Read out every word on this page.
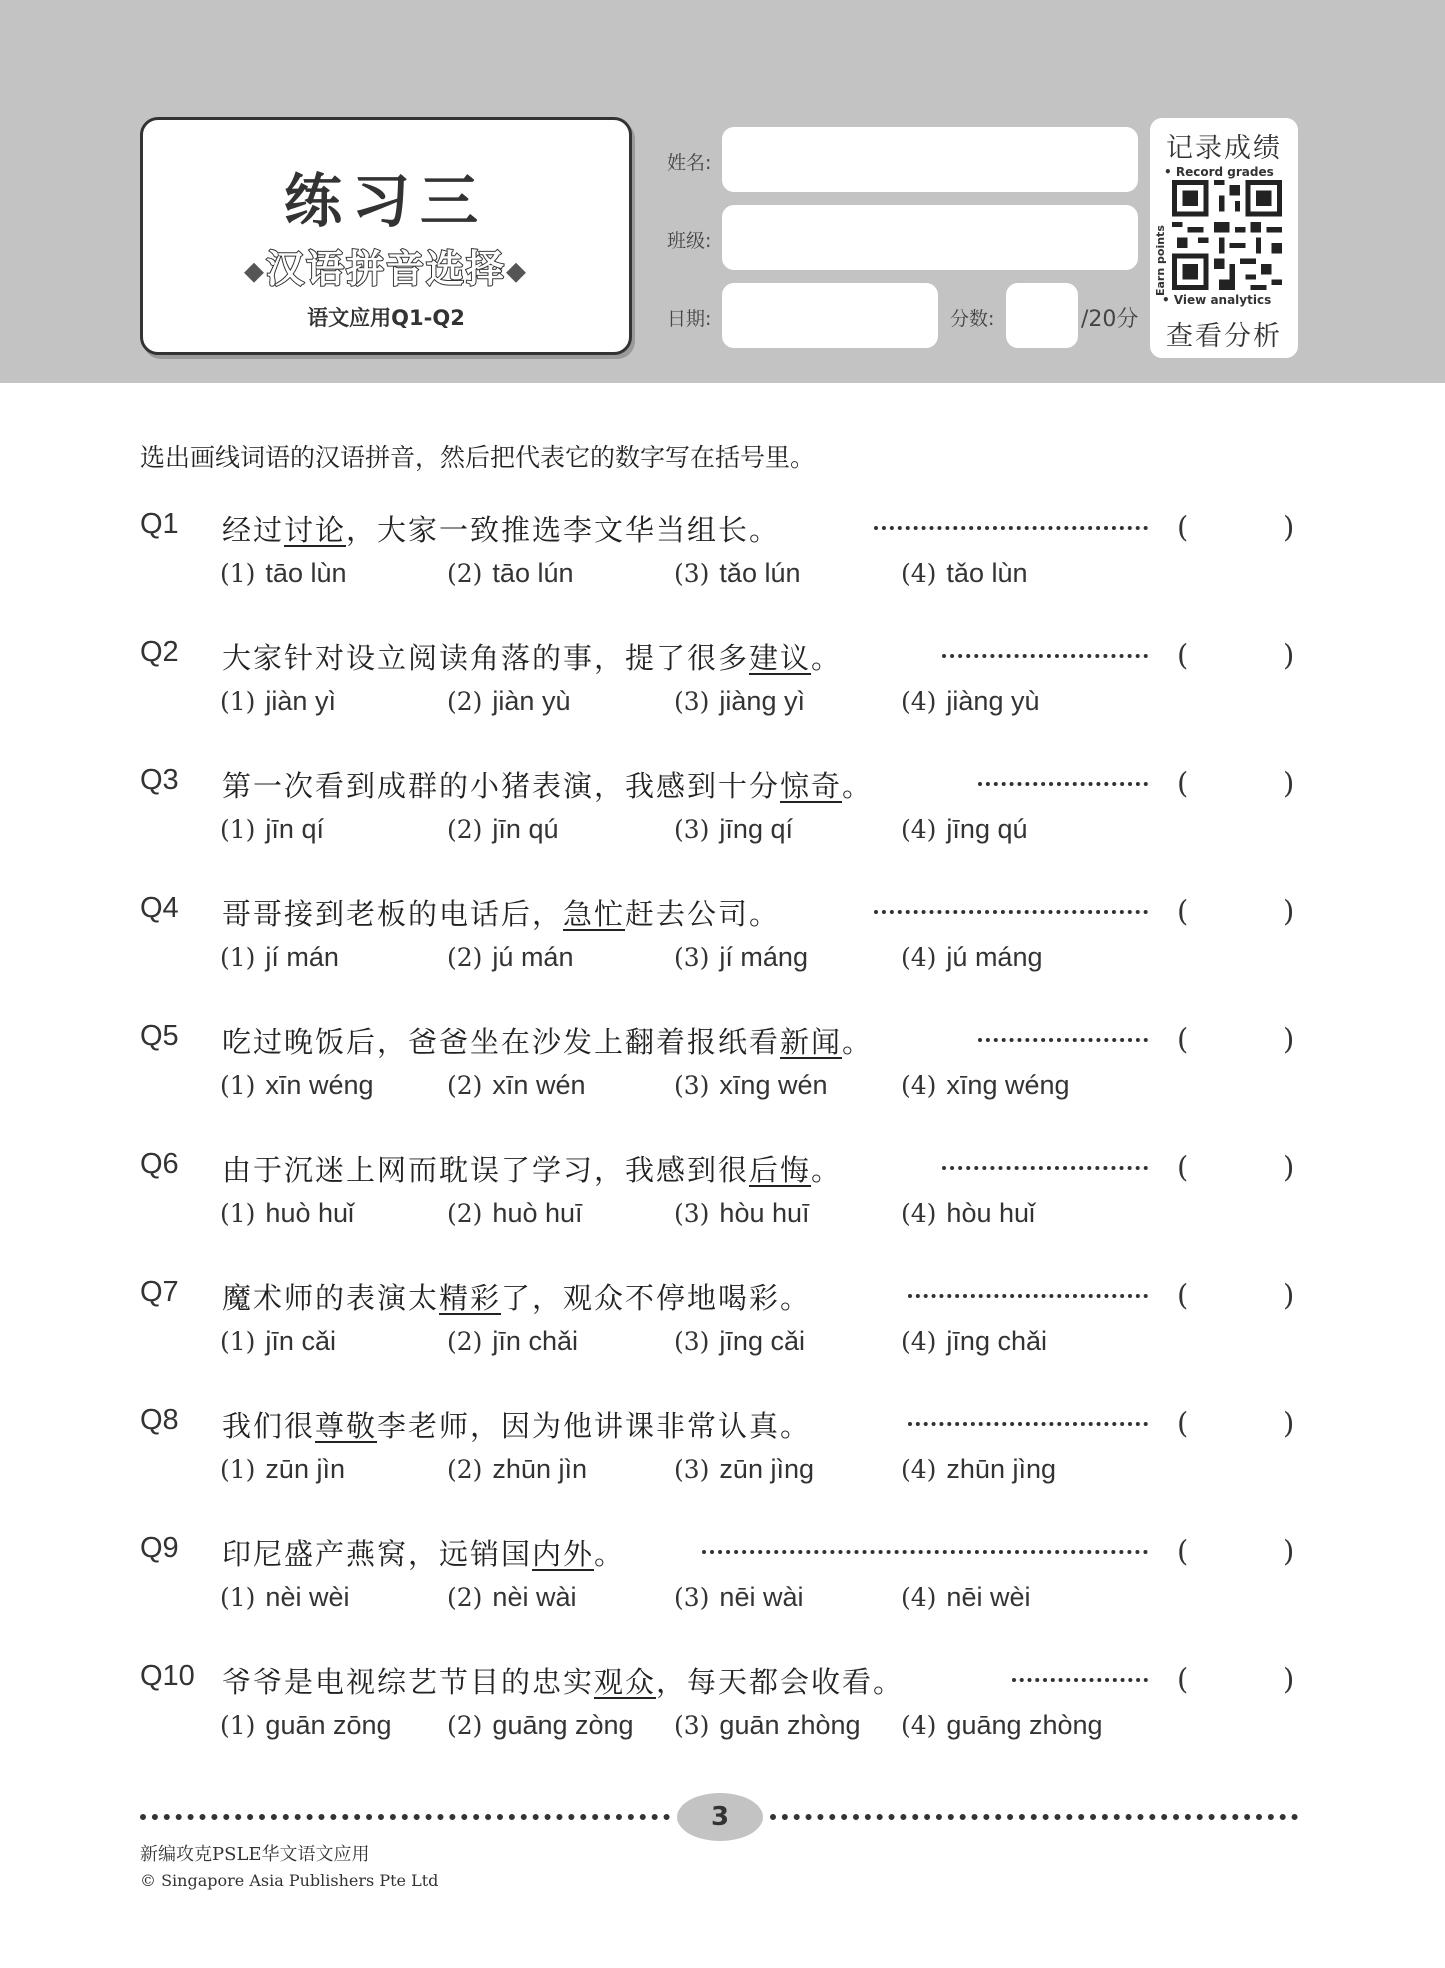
练习三
◆汉语拼音选择◆
语文应用Q1-Q2
姓名:
班级:
日期:	分数:	/20分
记录成绩
• Record grades
Earn points
• View analytics
查看分析
选出画线词语的汉语拼音，然后把代表它的数字写在括号里。
Q1 经过讨论，大家一致推选李文华当组长。	(	)
(1) tāo lùn	(2) tāo lún	(3) tǎo lún	(4) tǎo lùn
Q2 大家针对设立阅读角落的事，提了很多建议。	(	)
(1) jiàn yì	(2) jiàn yù	(3) jiàng yì	(4) jiàng yù
Q3 第一次看到成群的小猪表演，我感到十分惊奇。	(	)
(1) jīn qí	(2) jīn qú	(3) jīng qí	(4) jīng qú
Q4 哥哥接到老板的电话后，急忙赶去公司。	(	)
(1) jí mán	(2) jú mán	(3) jí máng	(4) jú máng
Q5 吃过晚饭后，爸爸坐在沙发上翻着报纸看新闻。	(	)
(1) xīn wéng	(2) xīn wén	(3) xīng wén	(4) xīng wéng
Q6 由于沉迷上网而耽误了学习，我感到很后悔。	(	)
(1) huò huǐ	(2) huò huī	(3) hòu huī	(4) hòu huǐ
Q7 魔术师的表演太精彩了，观众不停地喝彩。	(	)
(1) jīn cǎi	(2) jīn chǎi	(3) jīng cǎi	(4) jīng chǎi
Q8 我们很尊敬李老师，因为他讲课非常认真。	(	)
(1) zūn jìn	(2) zhūn jìn	(3) zūn jìng	(4) zhūn jìng
Q9 印尼盛产燕窝，远销国内外。	(	)
(1) nèi wèi	(2) nèi wài	(3) nēi wài	(4) nēi wèi
Q10 爷爷是电视综艺节目的忠实观众，每天都会收看。	(	)
(1) guān zōng (2) guāng zòng (3) guān zhòng (4) guāng zhòng
3
新编攻克PSLE华文语文应用
© Singapore Asia Publishers Pte Ltd
